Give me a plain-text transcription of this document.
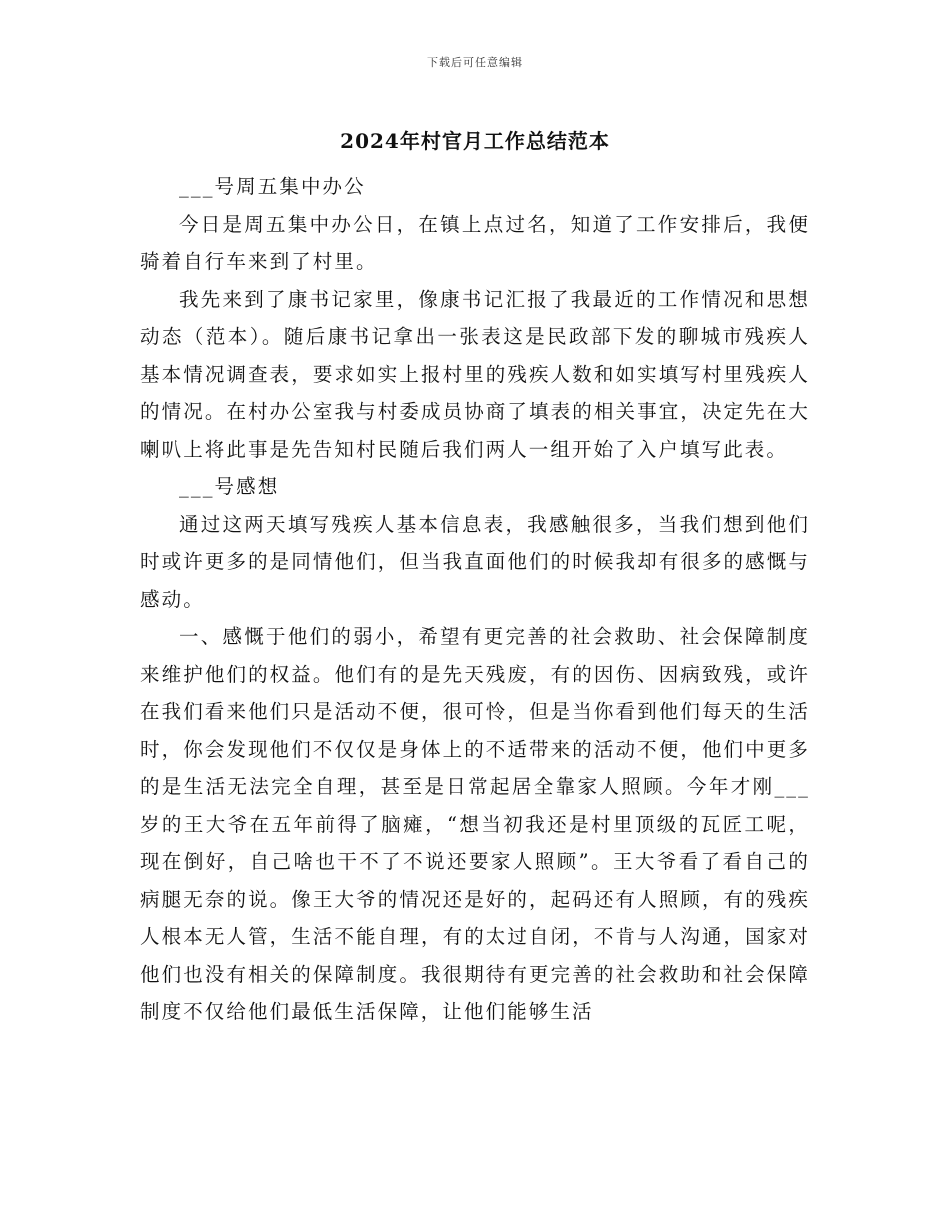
下载后可任意编辑
2024年村官月工作总结范本

___号周五集中办公

今日是周五集中办公日，在镇上点过名，知道了工作安排后，我便骑着自行车来到了村里。

我先来到了康书记家里，像康书记汇报了我最近的工作情况和思想动态（范本）。随后康书记拿出一张表这是民政部下发的聊城市残疾人基本情况调查表，要求如实上报村里的残疾人数和如实填写村里残疾人的情况。在村办公室我与村委成员协商了填表的相关事宜，决定先在大喇叭上将此事是先告知村民随后我们两人一组开始了入户填写此表。

___号感想

通过这两天填写残疾人基本信息表，我感触很多，当我们想到他们时或许更多的是同情他们，但当我直面他们的时候我却有很多的感慨与感动。

一、感慨于他们的弱小，希望有更完善的社会救助、社会保障制度来维护他们的权益。他们有的是先天残废，有的因伤、因病致残，或许在我们看来他们只是活动不便，很可怜，但是当你看到他们每天的生活时，你会发现他们不仅仅是身体上的不适带来的活动不便，他们中更多的是生活无法完全自理，甚至是日常起居全靠家人照顾。今年才刚___岁的王大爷在五年前得了脑瘫，“想当初我还是村里顶级的瓦匠工呢，现在倒好，自己啥也干不了不说还要家人照顾”。王大爷看了看自己的病腿无奈的说。像王大爷的情况还是好的，起码还有人照顾，有的残疾人根本无人管，生活不能自理，有的太过自闭，不肯与人沟通，国家对他们也没有相关的保障制度。我很期待有更完善的社会救助和社会保障制度不仅给他们最低生活保障，让他们能够生活
